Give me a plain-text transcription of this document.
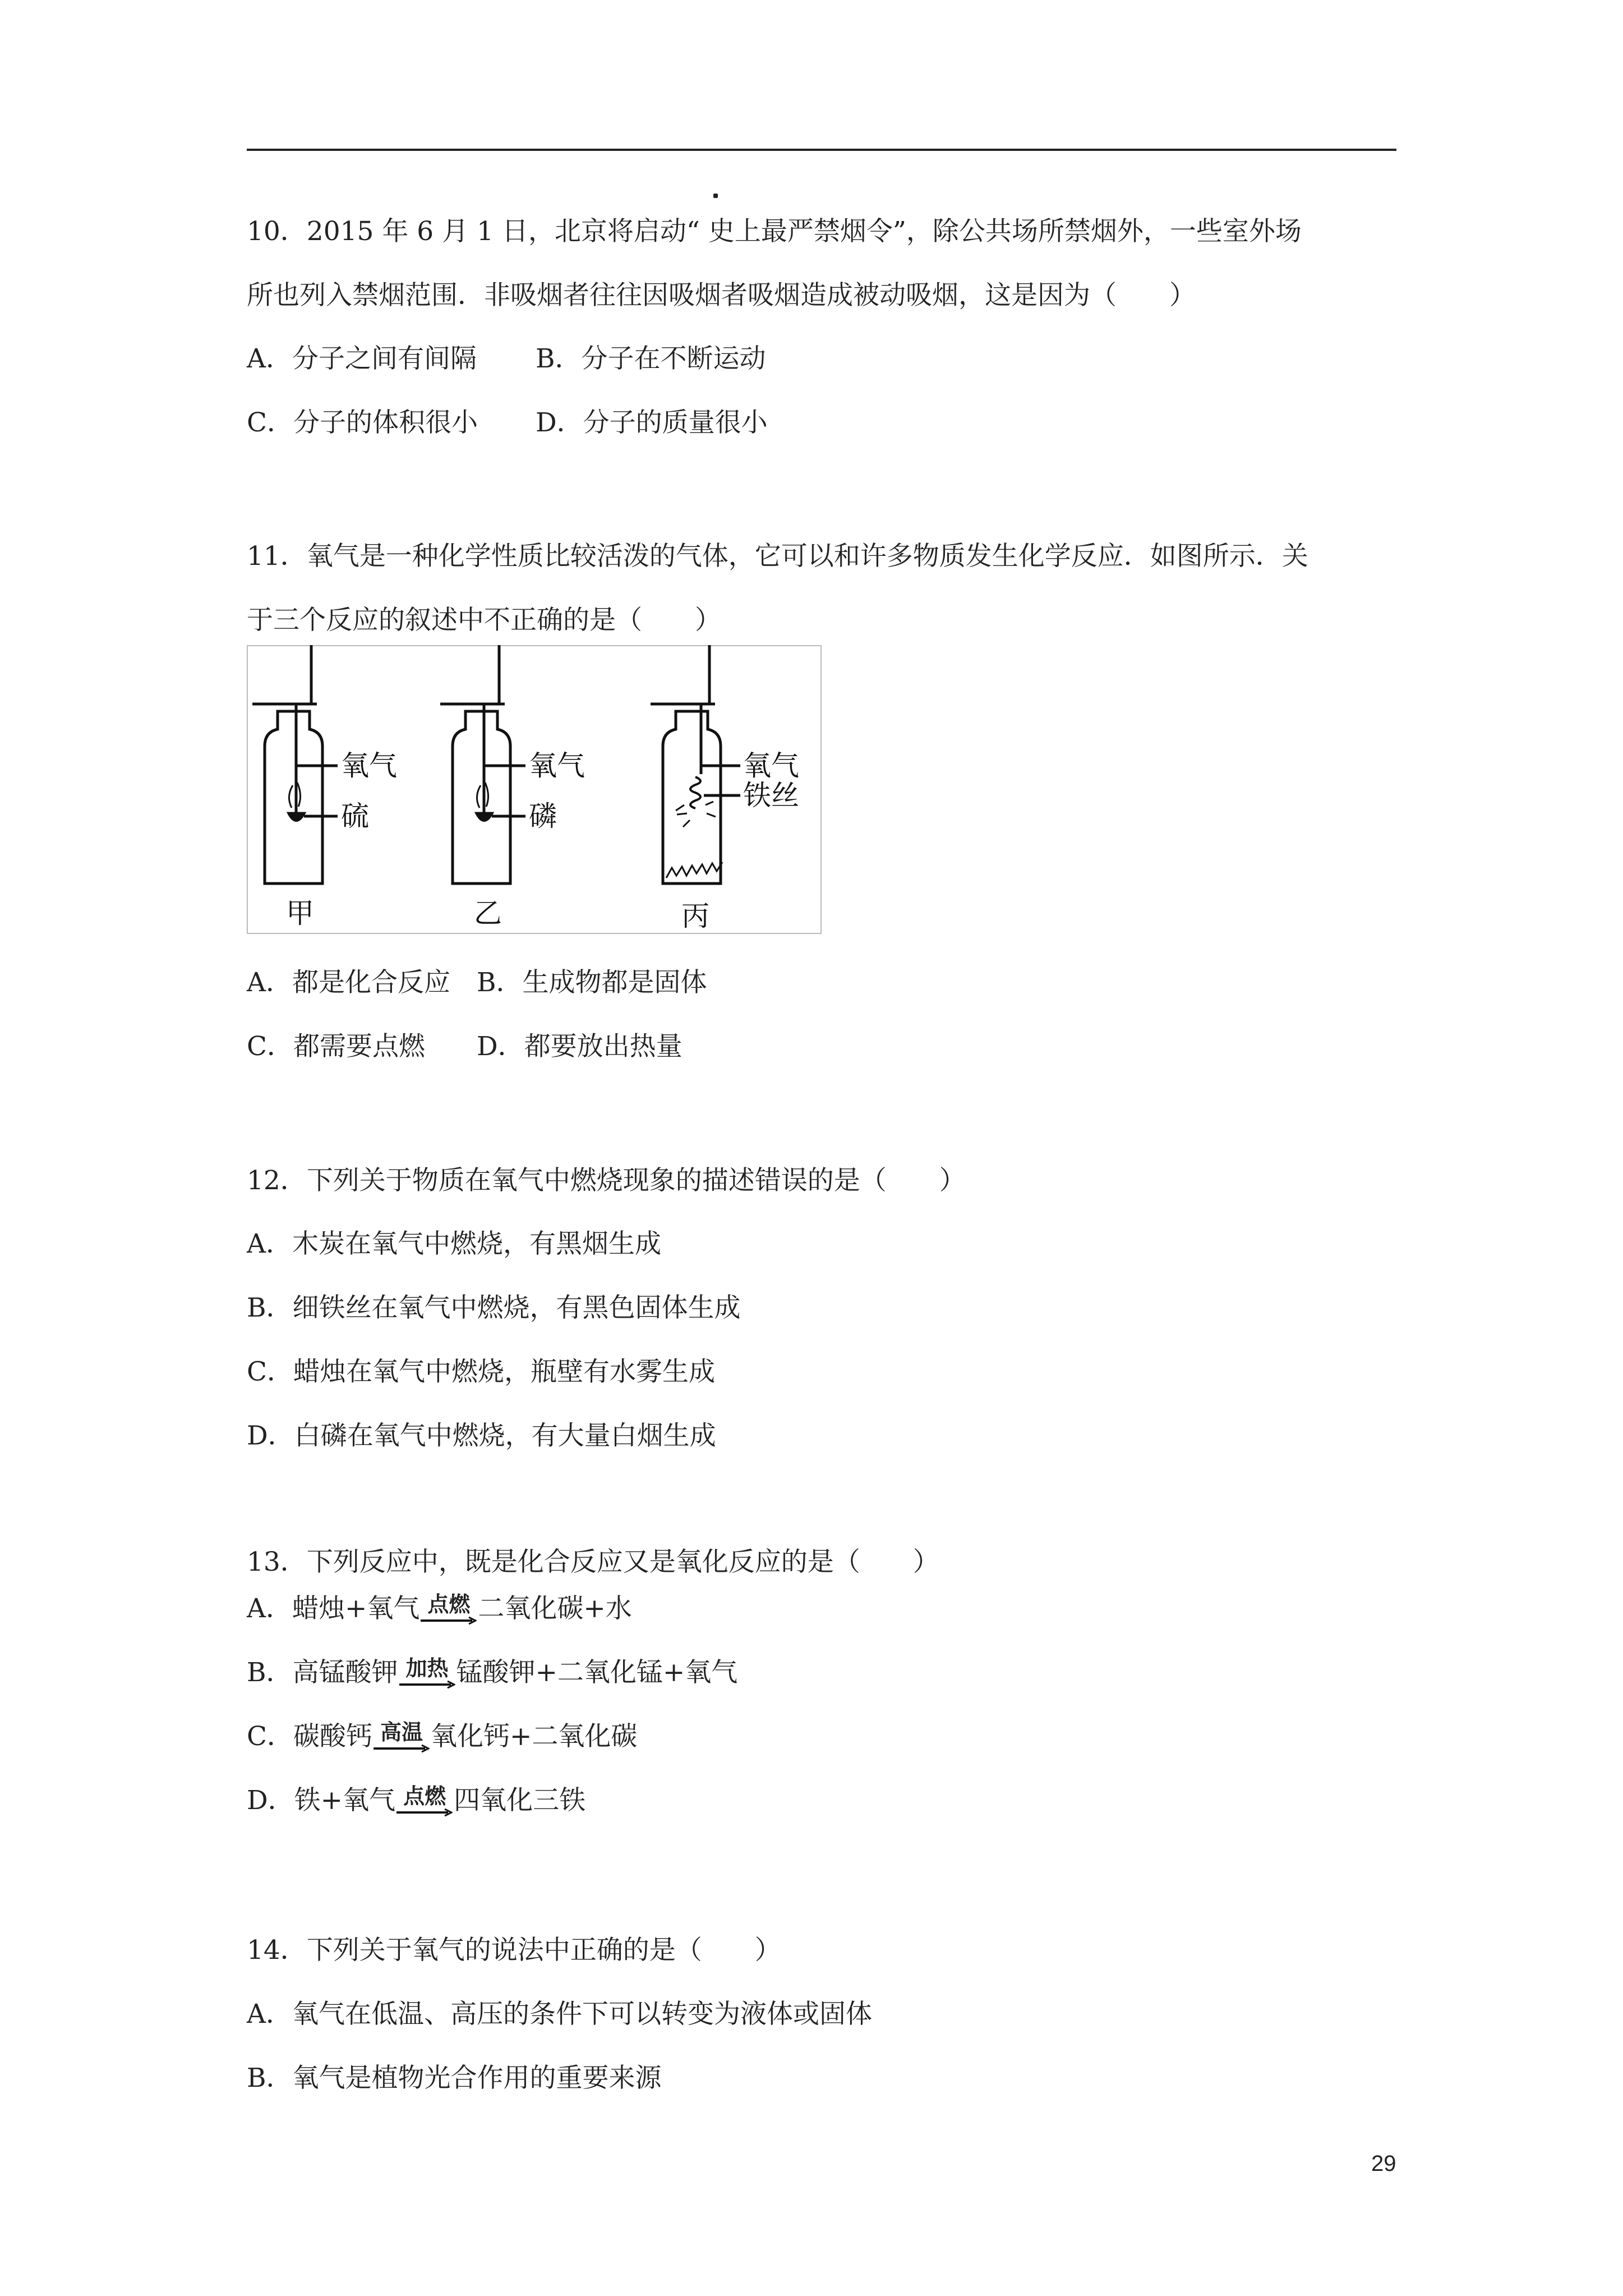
10．2015 年 6 月 1 日，北京将启动“ 史上最严禁烟令”，除公共场所禁烟外，一些室外场
所也列入禁烟范围．非吸烟者往往因吸烟者吸烟造成被动吸烟，这是因为（　　）
A．分子之间有间隔 B．分子在不断运动
C．分子的体积很小 D．分子的质量很小
11．氧气是一种化学性质比较活泼的气体，它可以和许多物质发生化学反应．如图所示．关
于三个反应的叙述中不正确的是（　　）
氧气
硫
甲
氧气
磷
乙
氧气
铁丝
丙
A．都是化合反应 B．生成物都是固体
C．都需要点燃 D．都要放出热量
12．下列关于物质在氧气中燃烧现象的描述错误的是（　　）
A．木炭在氧气中燃烧，有黑烟生成
B．细铁丝在氧气中燃烧，有黑色固体生成
C．蜡烛在氧气中燃烧，瓶壁有水雾生成
D．白磷在氧气中燃烧，有大量白烟生成
13．下列反应中，既是化合反应又是氧化反应的是（　　）
A．蜡烛+氧气 点燃 二氧化碳+水
B．高锰酸钾 加热 锰酸钾+二氧化锰+氧气
C．碳酸钙 高温 氧化钙+二氧化碳
D．铁+氧气 点燃 四氧化三铁
14．下列关于氧气的说法中正确的是（　　）
A．氧气在低温、高压的条件下可以转变为液体或固体
B．氧气是植物光合作用的重要来源
29
